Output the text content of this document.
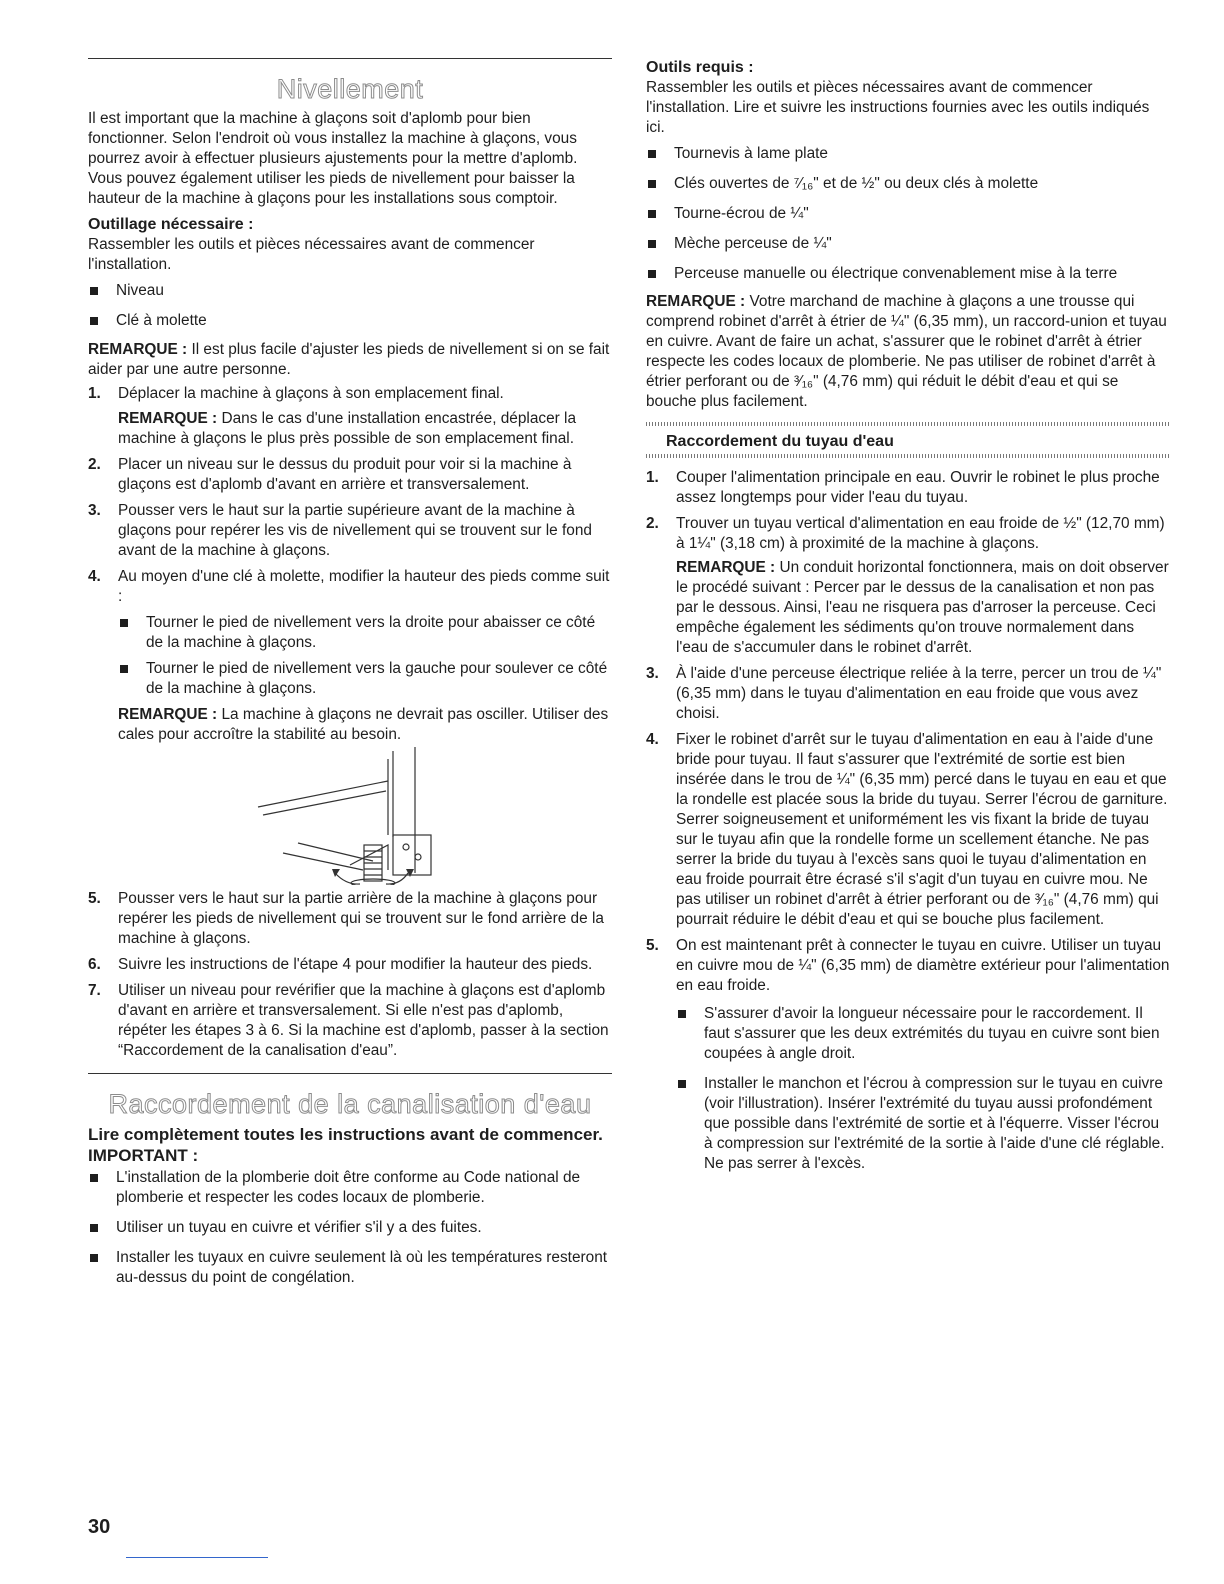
Nivellement

Il est important que la machine à glaçons soit d'aplomb pour bien fonctionner. Selon l'endroit où vous installez la machine à glaçons, vous pourrez avoir à effectuer plusieurs ajustements pour la mettre d'aplomb. Vous pouvez également utiliser les pieds de nivellement pour baisser la hauteur de la machine à glaçons pour les installations sous comptoir.

Outillage nécessaire :

Rassembler les outils et pièces nécessaires avant de commencer l'installation.

Niveau
Clé à molette

REMARQUE : Il est plus facile d'ajuster les pieds de nivellement si on se fait aider par une autre personne.

1. Déplacer la machine à glaçons à son emplacement final.

REMARQUE : Dans le cas d'une installation encastrée, déplacer la machine à glaçons le plus près possible de son emplacement final.

2. Placer un niveau sur le dessus du produit pour voir si la machine à glaçons est d'aplomb d'avant en arrière et transversalement.
3. Pousser vers le haut sur la partie supérieure avant de la machine à glaçons pour repérer les vis de nivellement qui se trouvent sur le fond avant de la machine à glaçons.
4. Au moyen d'une clé à molette, modifier la hauteur des pieds comme suit :
Tourner le pied de nivellement vers la droite pour abaisser ce côté de la machine à glaçons.
Tourner le pied de nivellement vers la gauche pour soulever ce côté de la machine à glaçons.

REMARQUE : La machine à glaçons ne devrait pas osciller. Utiliser des cales pour accroître la stabilité au besoin.

5. Pousser vers le haut sur la partie arrière de la machine à glaçons pour repérer les pieds de nivellement qui se trouvent sur le fond arrière de la machine à glaçons.
6. Suivre les instructions de l'étape 4 pour modifier la hauteur des pieds.
7. Utiliser un niveau pour revérifier que la machine à glaçons est d'aplomb d'avant en arrière et transversalement. Si elle n'est pas d'aplomb, répéter les étapes 3 à 6. Si la machine est d'aplomb, passer à la section “Raccordement de la canalisation d'eau”.
Raccordement de la canalisation d'eau
Lire complètement toutes les instructions avant de commencer.
IMPORTANT :
L'installation de la plomberie doit être conforme au Code national de plomberie et respecter les codes locaux de plomberie.
Utiliser un tuyau en cuivre et vérifier s'il y a des fuites.
Installer les tuyaux en cuivre seulement là où les températures resteront au-dessus du point de congélation.
Outils requis :

Rassembler les outils et pièces nécessaires avant de commencer l'installation. Lire et suivre les instructions fournies avec les outils indiqués ici.

Tournevis à lame plate
Clés ouvertes de ⁷⁄₁₆" et de ½" ou deux clés à molette
Tourne-écrou de ¼"
Mèche perceuse de ¼"
Perceuse manuelle ou électrique convenablement mise à la terre

REMARQUE : Votre marchand de machine à glaçons a une trousse qui comprend robinet d'arrêt à étrier de ¼" (6,35 mm), un raccord-union et tuyau en cuivre. Avant de faire un achat, s'assurer que le robinet d'arrêt à étrier respecte les codes locaux de plomberie. Ne pas utiliser de robinet d'arrêt à étrier perforant ou de ³⁄₁₆" (4,76 mm) qui réduit le débit d'eau et qui se bouche plus facilement.

Raccordement du tuyau d'eau
1. Couper l'alimentation principale en eau. Ouvrir le robinet le plus proche assez longtemps pour vider l'eau du tuyau.
2. Trouver un tuyau vertical d'alimentation en eau froide de ½" (12,70 mm) à 1¼" (3,18 cm) à proximité de la machine à glaçons.

REMARQUE : Un conduit horizontal fonctionnera, mais on doit observer le procédé suivant : Percer par le dessus de la canalisation et non pas par le dessous. Ainsi, l'eau ne risquera pas d'arroser la perceuse. Ceci empêche également les sédiments qu'on trouve normalement dans l'eau de s'accumuler dans le robinet d'arrêt.

3. À l'aide d'une perceuse électrique reliée à la terre, percer un trou de ¼" (6,35 mm) dans le tuyau d'alimentation en eau froide que vous avez choisi.
4. Fixer le robinet d'arrêt sur le tuyau d'alimentation en eau à l'aide d'une bride pour tuyau. Il faut s'assurer que l'extrémité de sortie est bien insérée dans le trou de ¼" (6,35 mm) percé dans le tuyau en eau et que la rondelle est placée sous la bride du tuyau. Serrer l'écrou de garniture. Serrer soigneusement et uniformément les vis fixant la bride de tuyau sur le tuyau afin que la rondelle forme un scellement étanche. Ne pas serrer la bride du tuyau à l'excès sans quoi le tuyau d'alimentation en eau froide pourrait être écrasé s'il s'agit d'un tuyau en cuivre mou. Ne pas utiliser un robinet d'arrêt à étrier perforant ou de ³⁄₁₆" (4,76 mm) qui pourrait réduire le débit d'eau et qui se bouche plus facilement.
5. On est maintenant prêt à connecter le tuyau en cuivre. Utiliser un tuyau en cuivre mou de ¼" (6,35 mm) de diamètre extérieur pour l'alimentation en eau froide.
S'assurer d'avoir la longueur nécessaire pour le raccordement. Il faut s'assurer que les deux extrémités du tuyau en cuivre sont bien coupées à angle droit.
Installer le manchon et l'écrou à compression sur le tuyau en cuivre (voir l'illustration). Insérer l'extrémité du tuyau aussi profondément que possible dans l'extrémité de sortie et à l'équerre. Visser l'écrou à compression sur l'extrémité de la sortie à l'aide d'une clé réglable. Ne pas serrer à l'excès.
30
